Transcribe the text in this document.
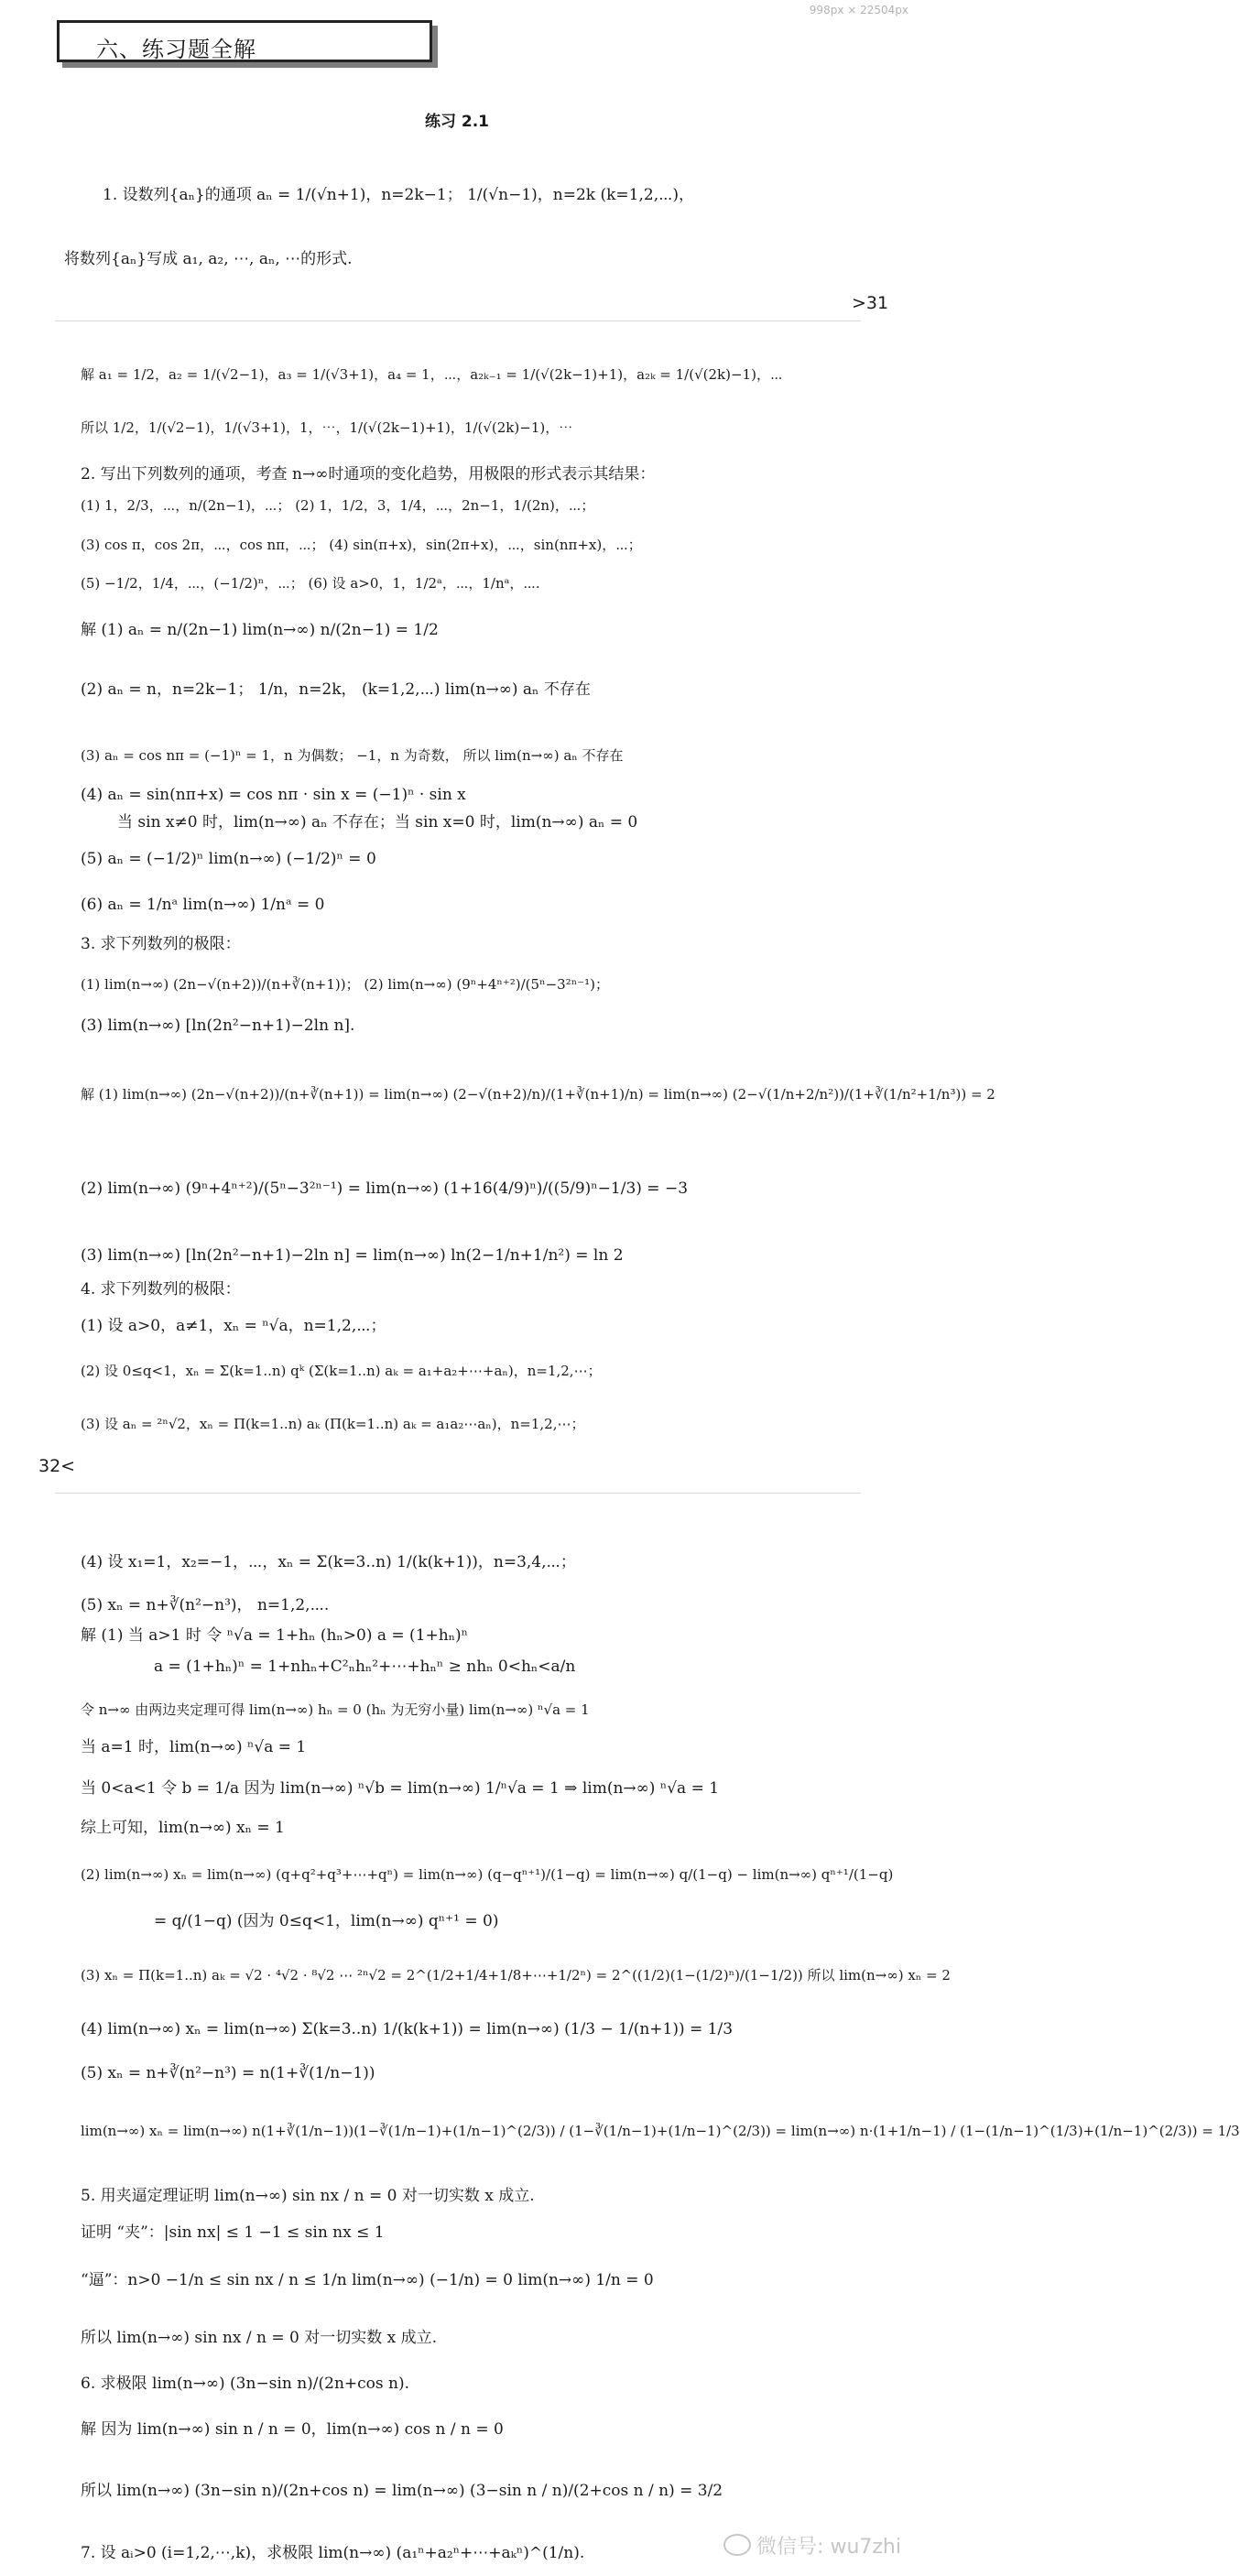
998px × 22504px
六、练习题全解
练习 2.1
1. 设数列{aₙ}的通项 aₙ = 1/(√n+1)，n=2k−1； 1/(√n−1)，n=2k (k=1,2,⋯)，
将数列{aₙ}写成 a₁, a₂, ⋯, aₙ, ⋯的形式.
>31
解 a₁ = 1/2，a₂ = 1/(√2−1)，a₃ = 1/(√3+1)，a₄ = 1，⋯，a₂ₖ₋₁ = 1/(√(2k−1)+1)，a₂ₖ = 1/(√(2k)−1)，⋯
所以 1/2，1/(√2−1)，1/(√3+1)，1，⋯，1/(√(2k−1)+1)，1/(√(2k)−1)，⋯
2. 写出下列数列的通项，考查 n→∞时通项的变化趋势，用极限的形式表示其结果：
(1) 1，2/3，⋯，n/(2n−1)，⋯； (2) 1，1/2，3，1/4，⋯，2n−1，1/(2n)，⋯；
(3) cos π，cos 2π，⋯，cos nπ，⋯； (4) sin(π+x)，sin(2π+x)，⋯，sin(nπ+x)，⋯；
(5) −1/2，1/4，⋯，(−1/2)ⁿ，⋯； (6) 设 a>0，1，1/2ᵃ，⋯，1/nᵃ，⋯.
解 (1) aₙ = n/(2n−1) lim(n→∞) n/(2n−1) = 1/2
(2) aₙ = n，n=2k−1； 1/n，n=2k， (k=1,2,⋯) lim(n→∞) aₙ 不存在
(3) aₙ = cos nπ = (−1)ⁿ = 1，n 为偶数； −1，n 为奇数， 所以 lim(n→∞) aₙ 不存在
(4) aₙ = sin(nπ+x) = cos nπ · sin x = (−1)ⁿ · sin x
当 sin x≠0 时，lim(n→∞) aₙ 不存在；当 sin x=0 时，lim(n→∞) aₙ = 0
(5) aₙ = (−1/2)ⁿ lim(n→∞) (−1/2)ⁿ = 0
(6) aₙ = 1/nᵃ lim(n→∞) 1/nᵃ = 0
3. 求下列数列的极限：
(1) lim(n→∞) (2n−√(n+2))/(n+∛(n+1))； (2) lim(n→∞) (9ⁿ+4ⁿ⁺²)/(5ⁿ−3²ⁿ⁻¹)；
(3) lim(n→∞) [ln(2n²−n+1)−2ln n].
解 (1) lim(n→∞) (2n−√(n+2))/(n+∛(n+1)) = lim(n→∞) (2−√(n+2)/n)/(1+∛(n+1)/n) = lim(n→∞) (2−√(1/n+2/n²))/(1+∛(1/n²+1/n³)) = 2
(2) lim(n→∞) (9ⁿ+4ⁿ⁺²)/(5ⁿ−3²ⁿ⁻¹) = lim(n→∞) (1+16(4/9)ⁿ)/((5/9)ⁿ−1/3) = −3
(3) lim(n→∞) [ln(2n²−n+1)−2ln n] = lim(n→∞) ln(2−1/n+1/n²) = ln 2
4. 求下列数列的极限：
(1) 设 a>0，a≠1，xₙ = ⁿ√a，n=1,2,⋯；
(2) 设 0≤q<1，xₙ = Σ(k=1..n) qᵏ (Σ(k=1..n) aₖ = a₁+a₂+⋯+aₙ)，n=1,2,⋯；
(3) 设 aₙ = ²ⁿ√2，xₙ = Π(k=1..n) aₖ (Π(k=1..n) aₖ = a₁a₂⋯aₙ)，n=1,2,⋯；
32<
(4) 设 x₁=1，x₂=−1，⋯，xₙ = Σ(k=3..n) 1/(k(k+1))，n=3,4,⋯；
(5) xₙ = n+∛(n²−n³)， n=1,2,⋯.
解 (1) 当 a>1 时 令 ⁿ√a = 1+hₙ (hₙ>0) a = (1+hₙ)ⁿ
a = (1+hₙ)ⁿ = 1+nhₙ+C²ₙhₙ²+⋯+hₙⁿ ≥ nhₙ 0<hₙ<a/n
令 n→∞ 由两边夹定理可得 lim(n→∞) hₙ = 0 (hₙ 为无穷小量) lim(n→∞) ⁿ√a = 1
当 a=1 时，lim(n→∞) ⁿ√a = 1
当 0<a<1 令 b = 1/a 因为 lim(n→∞) ⁿ√b = lim(n→∞) 1/ⁿ√a = 1 ⇒ lim(n→∞) ⁿ√a = 1
综上可知，lim(n→∞) xₙ = 1
(2) lim(n→∞) xₙ = lim(n→∞) (q+q²+q³+⋯+qⁿ) = lim(n→∞) (q−qⁿ⁺¹)/(1−q) = lim(n→∞) q/(1−q) − lim(n→∞) qⁿ⁺¹/(1−q)
= q/(1−q) (因为 0≤q<1，lim(n→∞) qⁿ⁺¹ = 0)
(3) xₙ = Π(k=1..n) aₖ = √2 · ⁴√2 · ⁸√2 ⋯ ²ⁿ√2 = 2^(1/2+1/4+1/8+⋯+1/2ⁿ) = 2^((1/2)(1−(1/2)ⁿ)/(1−1/2)) 所以 lim(n→∞) xₙ = 2
(4) lim(n→∞) xₙ = lim(n→∞) Σ(k=3..n) 1/(k(k+1)) = lim(n→∞) (1/3 − 1/(n+1)) = 1/3
(5) xₙ = n+∛(n²−n³) = n(1+∛(1/n−1))
lim(n→∞) xₙ = lim(n→∞) n(1+∛(1/n−1))(1−∛(1/n−1)+(1/n−1)^(2/3)) / (1−∛(1/n−1)+(1/n−1)^(2/3)) = lim(n→∞) n·(1+1/n−1) / (1−(1/n−1)^(1/3)+(1/n−1)^(2/3)) = 1/3
5. 用夹逼定理证明 lim(n→∞) sin nx / n = 0 对一切实数 x 成立.
证明 “夹”：|sin nx| ≤ 1 −1 ≤ sin nx ≤ 1
“逼”：n>0 −1/n ≤ sin nx / n ≤ 1/n lim(n→∞) (−1/n) = 0 lim(n→∞) 1/n = 0
所以 lim(n→∞) sin nx / n = 0 对一切实数 x 成立.
6. 求极限 lim(n→∞) (3n−sin n)/(2n+cos n).
解 因为 lim(n→∞) sin n / n = 0，lim(n→∞) cos n / n = 0
所以 lim(n→∞) (3n−sin n)/(2n+cos n) = lim(n→∞) (3−sin n / n)/(2+cos n / n) = 3/2
7. 设 aᵢ>0 (i=1,2,⋯,k)，求极限 lim(n→∞) (a₁ⁿ+a₂ⁿ+⋯+aₖⁿ)^(1/n).	微信号: wu7zhi
